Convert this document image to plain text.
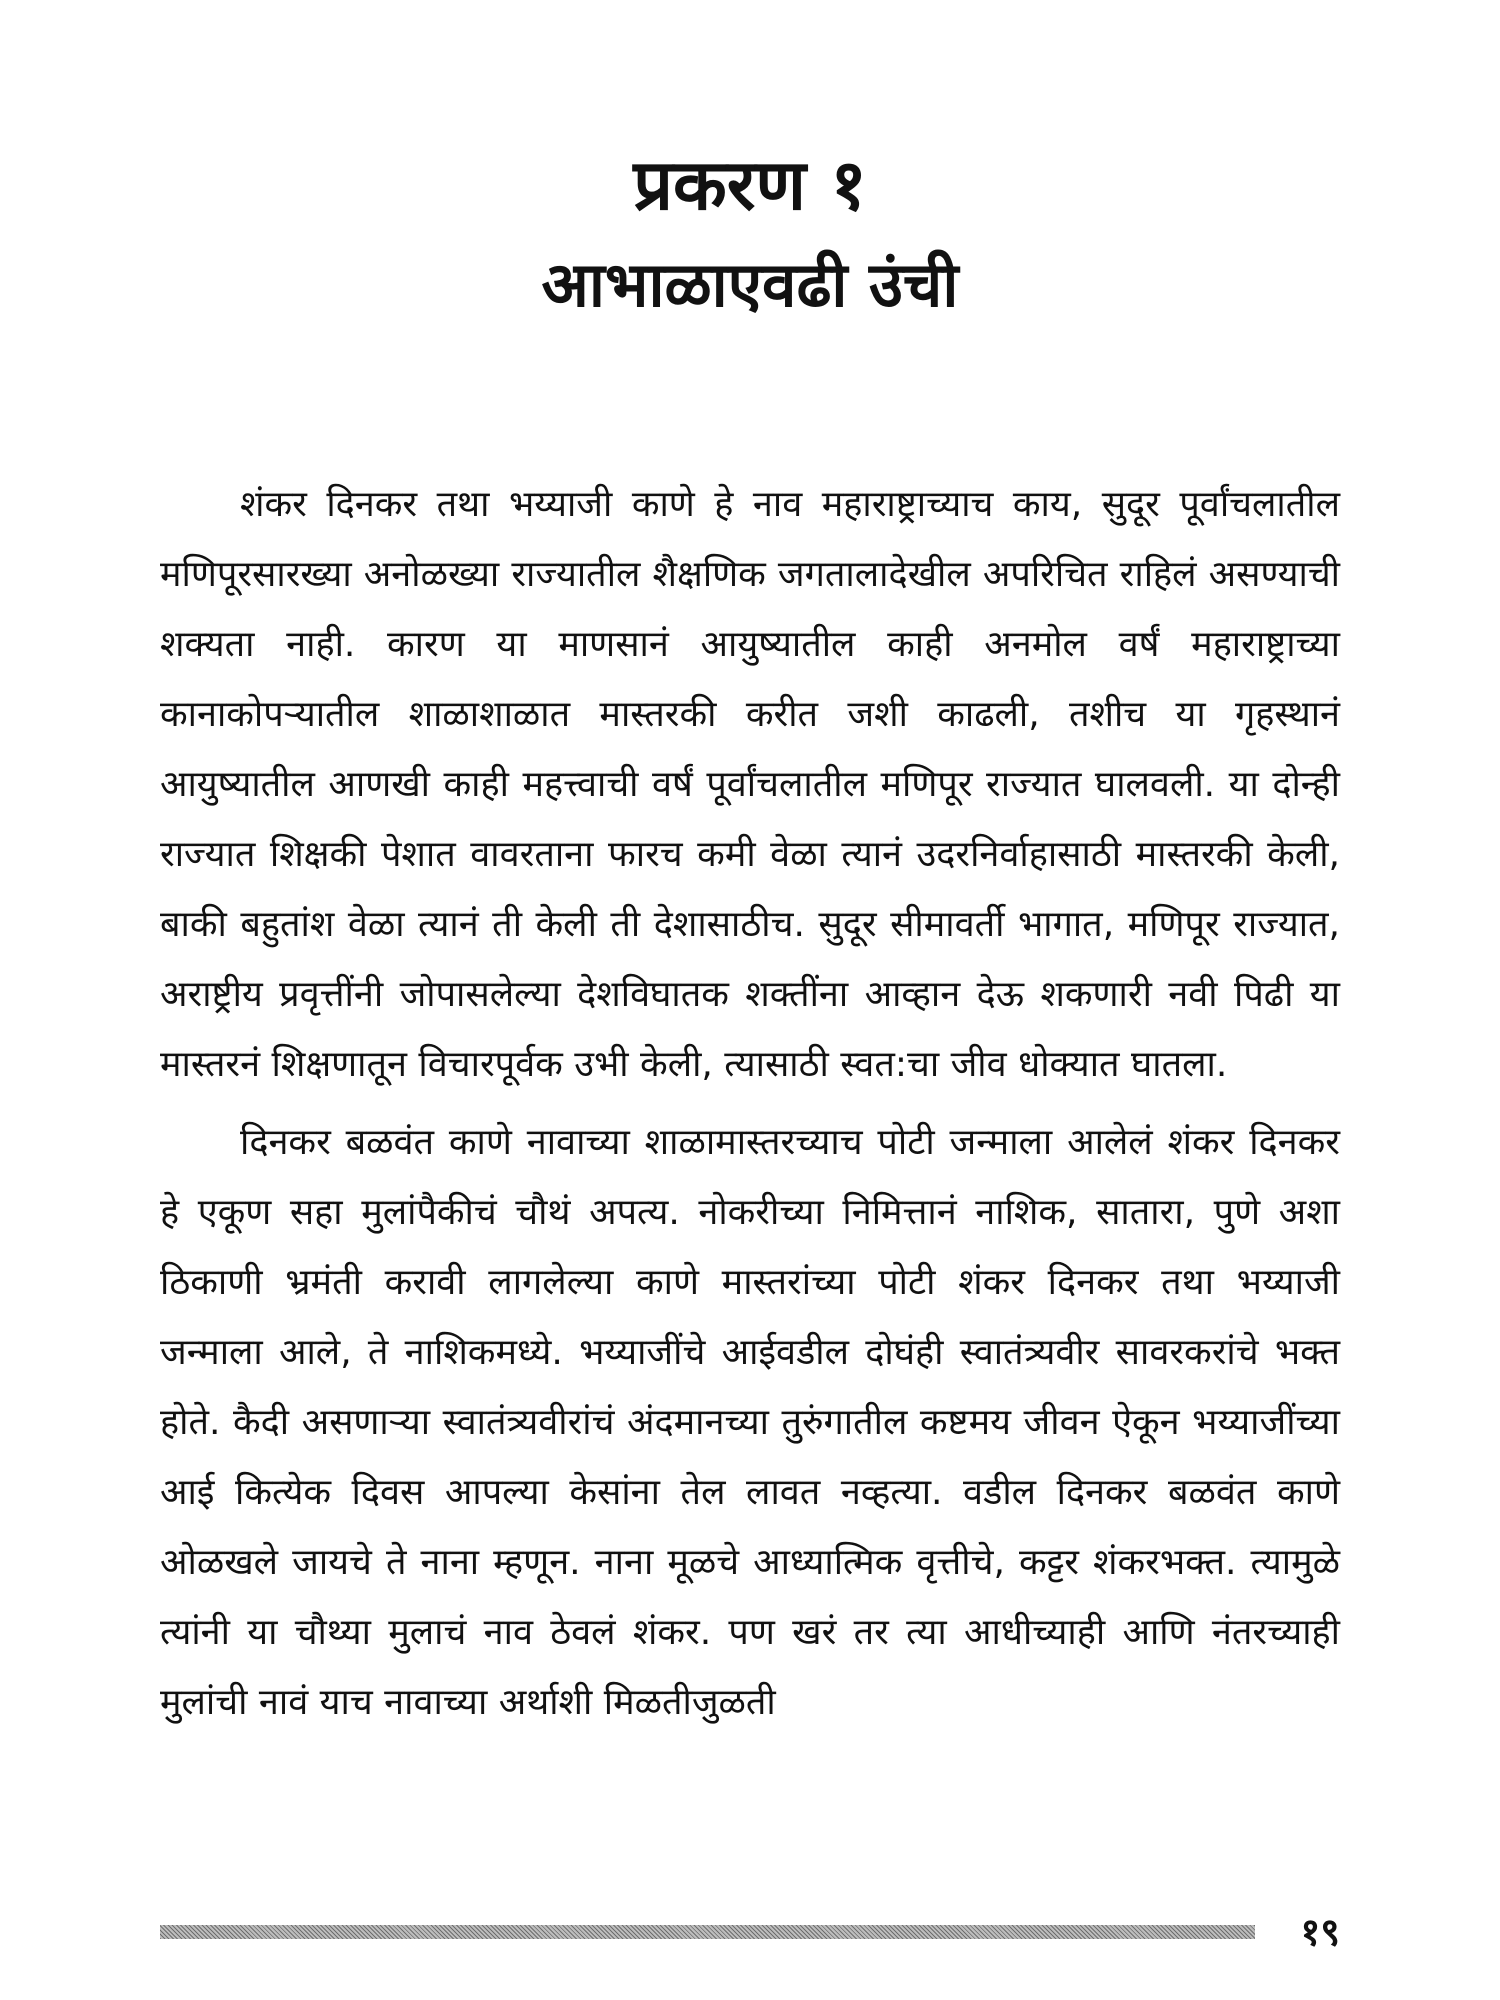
प्रकरण १
आभाळाएवढी उंची

शंकर दिनकर तथा भय्याजी काणे हे नाव महाराष्ट्राच्याच काय, सुदूर पूर्वांचलातील मणिपूरसारख्या अनोळख्या राज्यातील शैक्षणिक जगतालादेखील अपरिचित राहिलं असण्याची शक्यता नाही. कारण या माणसानं आयुष्यातील काही अनमोल वर्षं महाराष्ट्राच्या कानाकोपऱ्यातील शाळाशाळात मास्तरकी करीत जशी काढली, तशीच या गृहस्थानं आयुष्यातील आणखी काही महत्त्वाची वर्षं पूर्वांचलातील मणिपूर राज्यात घालवली. या दोन्ही राज्यात शिक्षकी पेशात वावरताना फारच कमी वेळा त्यानं उदरनिर्वाहासाठी मास्तरकी केली, बाकी बहुतांश वेळा त्यानं ती केली ती देशासाठीच. सुदूर सीमावर्ती भागात, मणिपूर राज्यात, अराष्ट्रीय प्रवृत्तींनी जोपासलेल्या देशविघातक शक्तींना आव्हान देऊ शकणारी नवी पिढी या मास्तरनं शिक्षणातून विचारपूर्वक उभी केली, त्यासाठी स्वत:चा जीव धोक्यात घातला.

दिनकर बळवंत काणे नावाच्या शाळामास्तरच्याच पोटी जन्माला आलेलं शंकर दिनकर हे एकूण सहा मुलांपैकीचं चौथं अपत्य. नोकरीच्या निमित्तानं नाशिक, सातारा, पुणे अशा ठिकाणी भ्रमंती करावी लागलेल्या काणे मास्तरांच्या पोटी शंकर दिनकर तथा भय्याजी जन्माला आले, ते नाशिकमध्ये. भय्याजींचे आईवडील दोघंही स्वातंत्र्यवीर सावरकरांचे भक्त होते. कैदी असणाऱ्या स्वातंत्र्यवीरांचं अंदमानच्या तुरुंगातील कष्टमय जीवन ऐकून भय्याजींच्या आई कित्येक दिवस आपल्या केसांना तेल लावत नव्हत्या. वडील दिनकर बळवंत काणे ओळखले जायचे ते नाना म्हणून. नाना मूळचे आध्यात्मिक वृत्तीचे, कट्टर शंकरभक्त. त्यामुळे त्यांनी या चौथ्या मुलाचं नाव ठेवलं शंकर. पण खरं तर त्या आधीच्याही आणि नंतरच्याही मुलांची नावं याच नावाच्या अर्थाशी मिळतीजुळती

१९
